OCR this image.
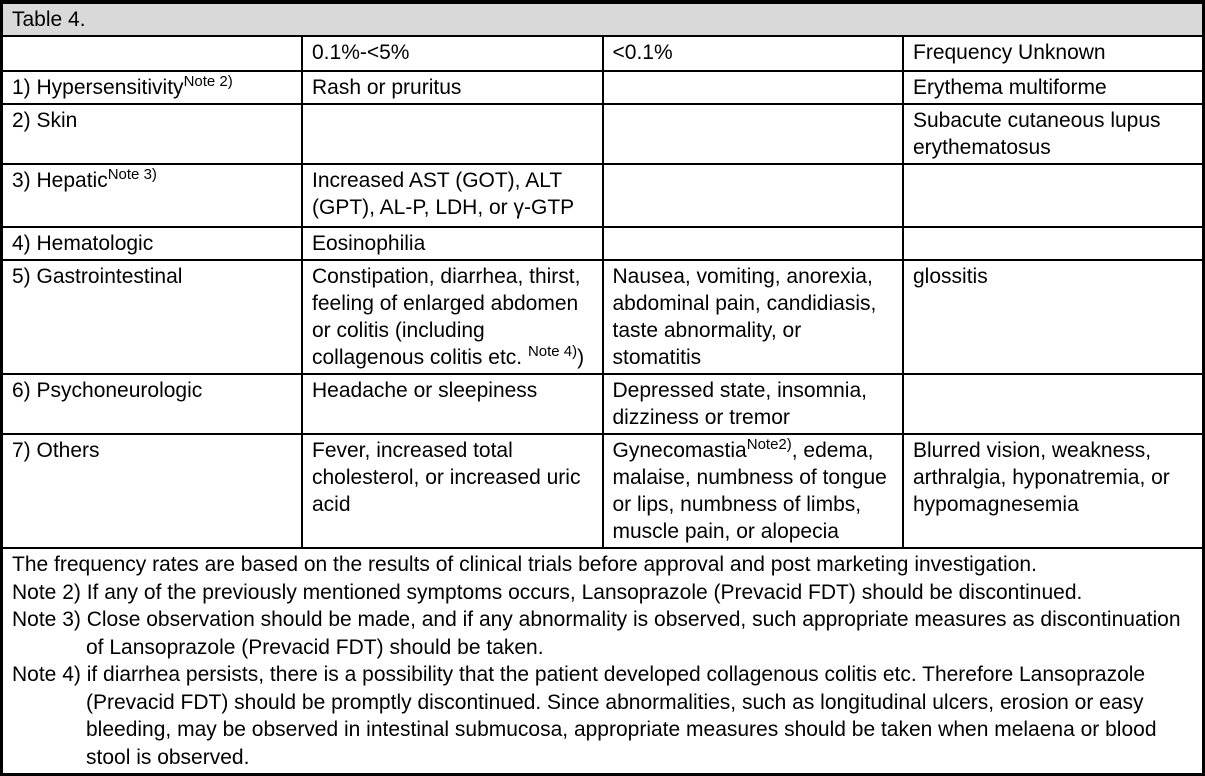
Table 4.			
	0.1%-<5%	<0.1%	Frequency Unknown
1) Hypersensitivity$^{Note 2)}$	Rash or pruritus		Erythema multiforme
2) Skin			Subacute cutaneous lupus erythematosus
3) Hepatic$^{Note 3)}$	Increased AST (GOT), ALT (GPT), AL-P, LDH, or γ-GTP		
4) Hematologic	Eosinophilia		
5) Gastrointestinal	Constipation, diarrhea, thirst, feeling of enlarged abdomen or colitis (including collagenous colitis etc. $^{Note 4)}$)	Nausea, vomiting, anorexia, abdominal pain, candidiasis, taste abnormality, or stomatitis	glossitis
6) Psychoneurologic	Headache or sleepiness	Depressed state, insomnia, dizziness or tremor	
7) Others	Fever, increased total cholesterol, or increased uric acid	Gynecomastia$^{Note2)}$, edema, malaise, numbness of tongue or lips, numbness of limbs, muscle pain, or alopecia	Blurred vision, weakness, arthralgia, hyponatremia, or hypomagnesemia

The frequency rates are based on the results of clinical trials before approval and post marketing investigation.
Note 2) If any of the previously mentioned symptoms occurs, Lansoprazole (Prevacid FDT) should be discontinued.
Note 3) Close observation should be made, and if any abnormality is observed, such appropriate measures as discontinuation of Lansoprazole (Prevacid FDT) should be taken.
Note 4) if diarrhea persists, there is a possibility that the patient developed collagenous colitis etc. Therefore Lansoprazole (Prevacid FDT) should be promptly discontinued. Since abnormalities, such as longitudinal ulcers, erosion or easy bleeding, may be observed in intestinal submucosa, appropriate measures should be taken when melaena or blood stool is observed.			
